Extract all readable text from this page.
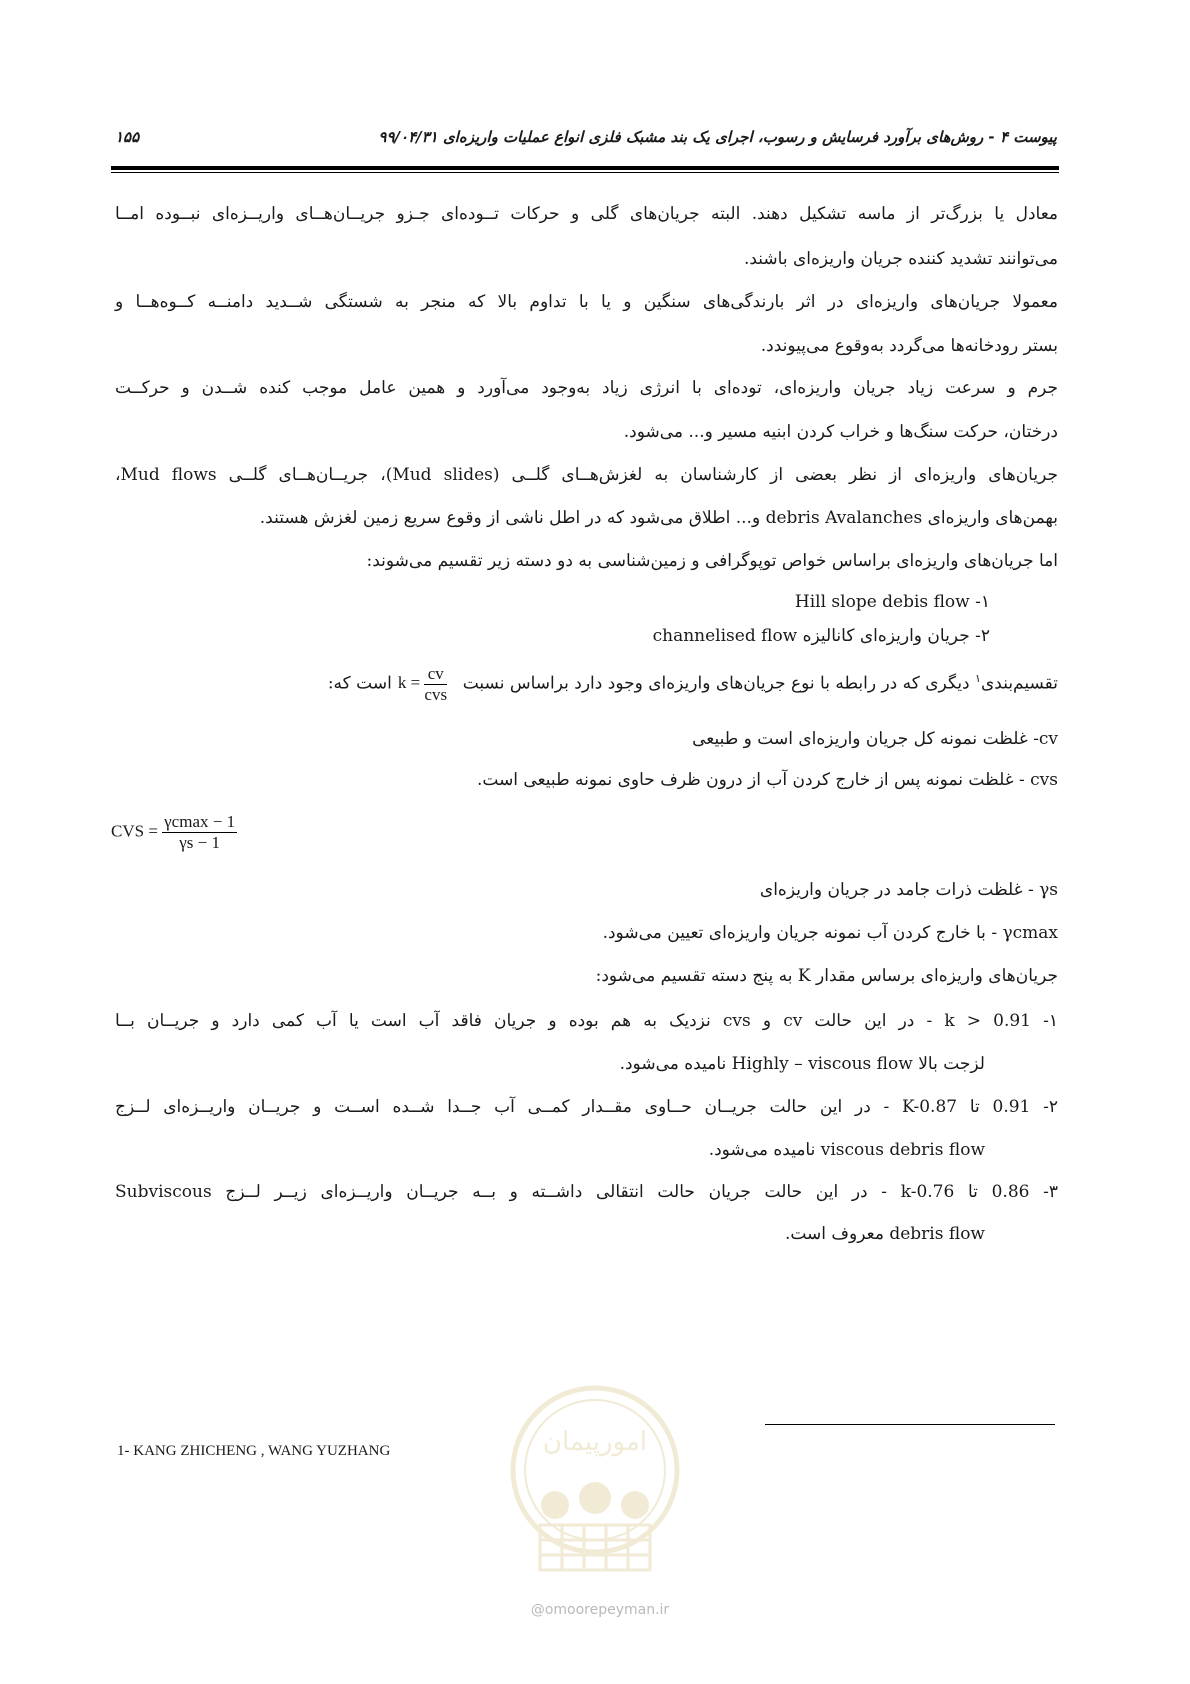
پیوست ۴ - روش‌های برآورد فرسایش و رسوب، اجرای یک بند مشبک فلزی انواع عملیات واریزه‌ای ۹۹/۰۴/۳۱
۱۵۵
معادل یا بزرگ‌تر از ماسه تشکیل دهند. البته جریان‌های گلی و حرکات تــوده‌ای جـزو جریــان‌هــای واریــزه‌ای نبــوده امــا
می‌توانند تشدید کننده جریان واریزه‌ای باشند.
معمولا جریان‌های واریزه‌ای در اثر بارندگی‌های سنگین و یا با تداوم بالا که منجر به شستگی شــدید دامنــه کــوه‌هــا و
بستر رودخانه‌ها می‌گردد به‌وقوع می‌پیوندد.
جرم و سرعت زیاد جریان واریزه‌ای، توده‌ای با انرژی زیاد به‌وجود می‌آورد و همین عامل موجب کنده شــدن و حرکــت
درختان، حرکت سنگ‌ها و خراب کردن ابنیه مسیر و... می‌شود.
جریان‌های واریزه‌ای از نظر بعضی از کارشناسان به لغزش‌هــای گلــی (Mud slides)، جریــان‌هــای گلــی Mud flows،
بهمن‌های واریزه‌ای debris Avalanches و... اطلاق می‌شود که در اطل ناشی از وقوع سریع زمین لغزش هستند.
اما جریان‌های واریزه‌ای براساس خواص توپوگرافی و زمین‌شناسی به دو دسته زیر تقسیم می‌شوند:
۱- Hill slope debis flow
۲- جریان واریزه‌ای کانالیزه channelised flow
تقسیم‌بندی$^۱$ دیگری که در رابطه با نوع جریان‌های واریزه‌ای وجود دارد براساس نسبت $k = \frac{cv}{\text{cvs}}$
است که:
cv- غلظت نمونه کل جریان واریزه‌ای است و طبیعی
cvs - غلظت نمونه پس از خارج کردن آب از درون ظرف حاوی نمونه طبیعی است.
CVS = $\frac{\gamma cmax - 1}{\gamma s - 1}$
γs - غلظت ذرات جامد در جریان واریزه‌ای
γcmax - با خارج کردن آب نمونه جریان واریزه‌ای تعیین می‌شود.
جریان‌های واریزه‌ای برساس مقدار K به پنج دسته تقسیم می‌شود:
۱- k > 0.91 - در این حالت cv و cvs نزدیک به هم بوده و جریان فاقد آب است یا آب کمی دارد و جریــان بــا
لزجت بالا Highly – viscous flow نامیده می‌شود.
۲- 0.91 تا K-0.87 - در این حالت جریــان حــاوی مقــدار کمــی آب جــدا شــده اســت و جریــان واریــزه‌ای لــزج
viscous debris flow نامیده می‌شود.
۳- 0.86 تا k-0.76 - در این حالت جریان حالت انتقالی داشــته و بــه جریــان واریــزه‌ای زیــر لــزج Subviscous
debris flow معروف است.
1- KANG ZHICHENG , WANG YUZHANG	امورپیمان
@omoorepeyman.ir
